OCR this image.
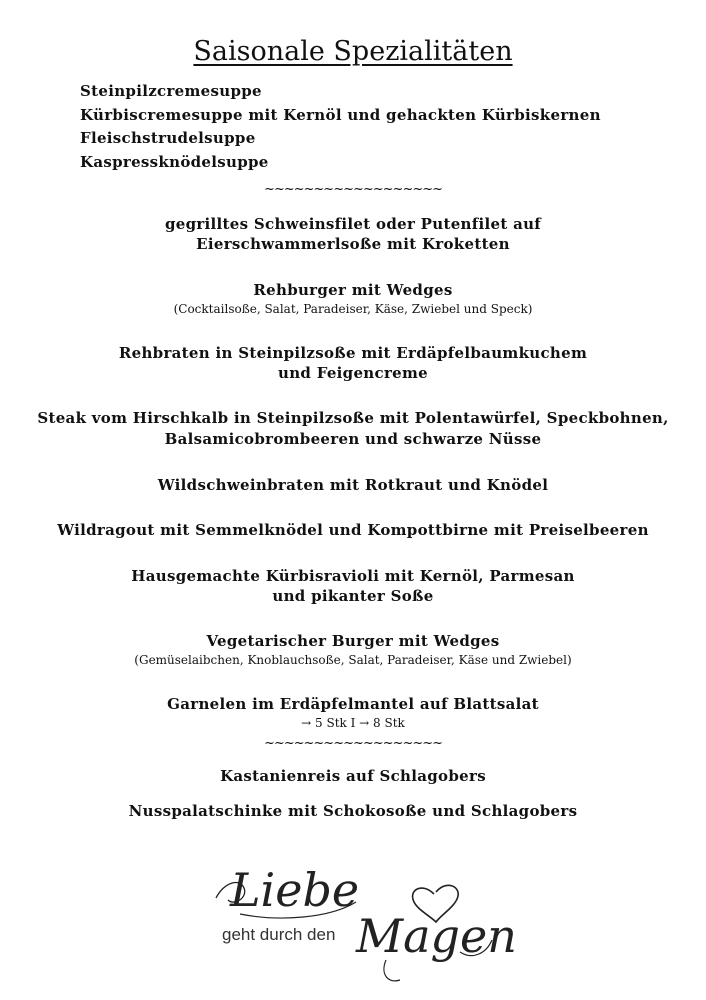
Saisonale Spezialitäten
Steinpilzcremesuppe
Kürbiscremesuppe mit Kernöl und gehackten Kürbiskernen
Fleischstrudelsuppe
Kaspressknödelsuppe
~~~~~~~~~~~~~~~~~~
gegrilltes Schweinsfilet oder Putenfilet auf
Eierschwammerlsoße mit Kroketten
Rehburger mit Wedges
(Cocktailsoße, Salat, Paradeiser, Käse, Zwiebel und Speck)
Rehbraten in Steinpilzsoße mit Erdäpfelbaumkuchem
und Feigencreme
Steak vom Hirschkalb in Steinpilzsoße mit Polentawürfel, Speckbohnen,
Balsamicobrombeeren und schwarze Nüsse
Wildschweinbraten mit Rotkraut und Knödel
Wildragout mit Semmelknödel und Kompottbirne mit Preiselbeeren
Hausgemachte Kürbisravioli mit Kernöl, Parmesan
und pikanter Soße
Vegetarischer Burger mit Wedges
(Gemüselaibchen, Knoblauchsoße, Salat, Paradeiser, Käse und Zwiebel)
Garnelen im Erdäpfelmantel auf Blattsalat
→ 5 Stk I → 8 Stk
~~~~~~~~~~~~~~~~~~
Kastanienreis auf Schlagobers
Nusspalatschinke mit Schokosoße und Schlagobers
Liebe
geht durch den Magen
